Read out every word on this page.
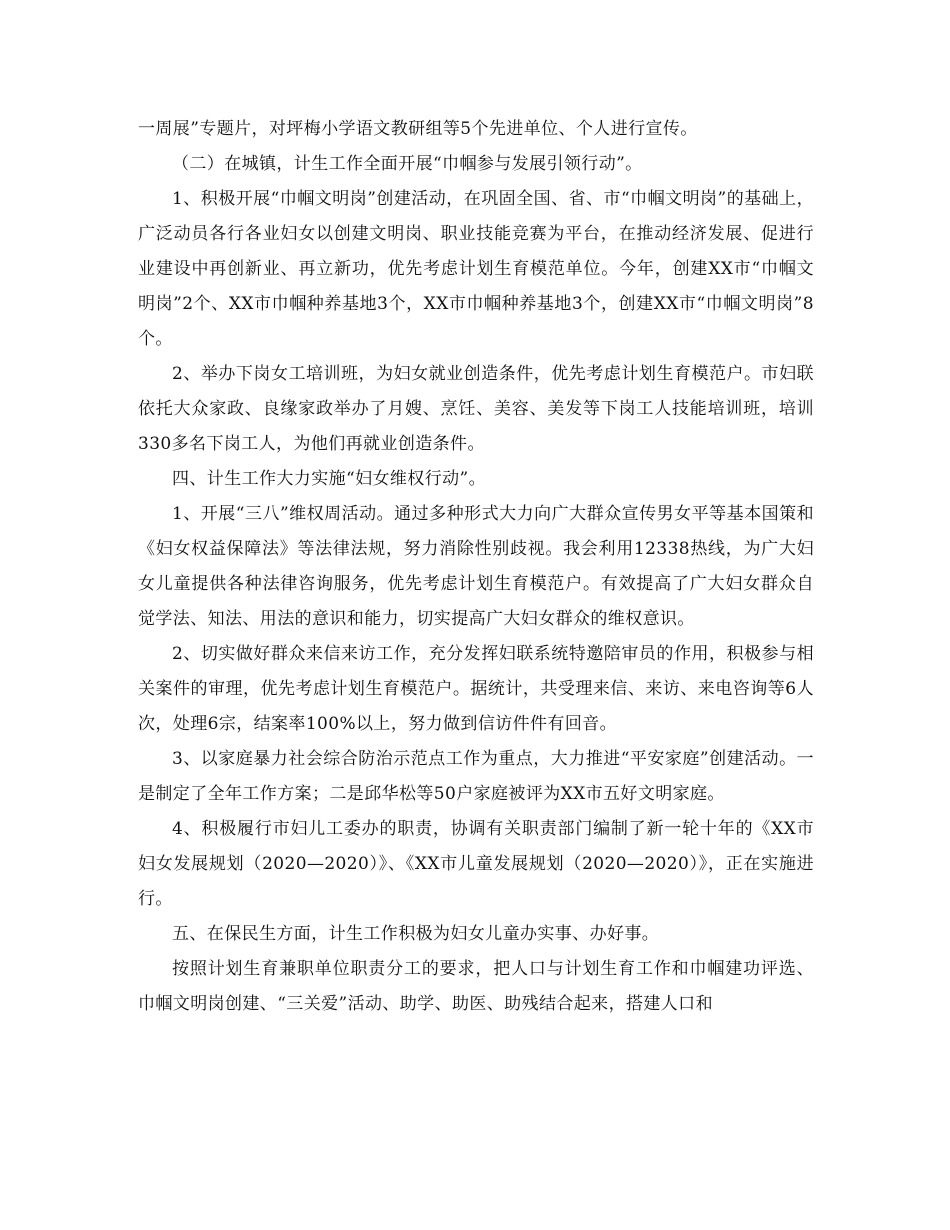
一周展”专题片，对坪梅小学语文教研组等5个先进单位、个人进行宣传。

（二）在城镇，计生工作全面开展“巾帼参与发展引领行动”。

1、积极开展“巾帼文明岗”创建活动，在巩固全国、省、市“巾帼文明岗”的基础上，广泛动员各行各业妇女以创建文明岗、职业技能竞赛为平台，在推动经济发展、促进行业建设中再创新业、再立新功，优先考虑计划生育模范单位。今年，创建XX市“巾帼文明岗”2个、XX市巾帼种养基地3个，XX市巾帼种养基地3个，创建XX市“巾帼文明岗”8个。

2、举办下岗女工培训班，为妇女就业创造条件，优先考虑计划生育模范户。市妇联依托大众家政、良缘家政举办了月嫂、烹饪、美容、美发等下岗工人技能培训班，培训330多名下岗工人，为他们再就业创造条件。

四、计生工作大力实施“妇女维权行动”。

1、开展“三八”维权周活动。通过多种形式大力向广大群众宣传男女平等基本国策和《妇女权益保障法》等法律法规，努力消除性别歧视。我会利用12338热线，为广大妇女儿童提供各种法律咨询服务，优先考虑计划生育模范户。有效提高了广大妇女群众自觉学法、知法、用法的意识和能力，切实提高广大妇女群众的维权意识。

2、切实做好群众来信来访工作，充分发挥妇联系统特邀陪审员的作用，积极参与相关案件的审理，优先考虑计划生育模范户。据统计，共受理来信、来访、来电咨询等6人次，处理6宗，结案率100%以上，努力做到信访件件有回音。

3、以家庭暴力社会综合防治示范点工作为重点，大力推进“平安家庭”创建活动。一是制定了全年工作方案；二是邱华松等50户家庭被评为XX市五好文明家庭。

4、积极履行市妇儿工委办的职责，协调有关职责部门编制了新一轮十年的《XX市妇女发展规划（2020—2020）》、《XX市儿童发展规划（2020—2020）》，正在实施进行。

五、在保民生方面，计生工作积极为妇女儿童办实事、办好事。

按照计划生育兼职单位职责分工的要求，把人口与计划生育工作和巾帼建功评选、巾帼文明岗创建、“三关爱”活动、助学、助医、助残结合起来，搭建人口和
